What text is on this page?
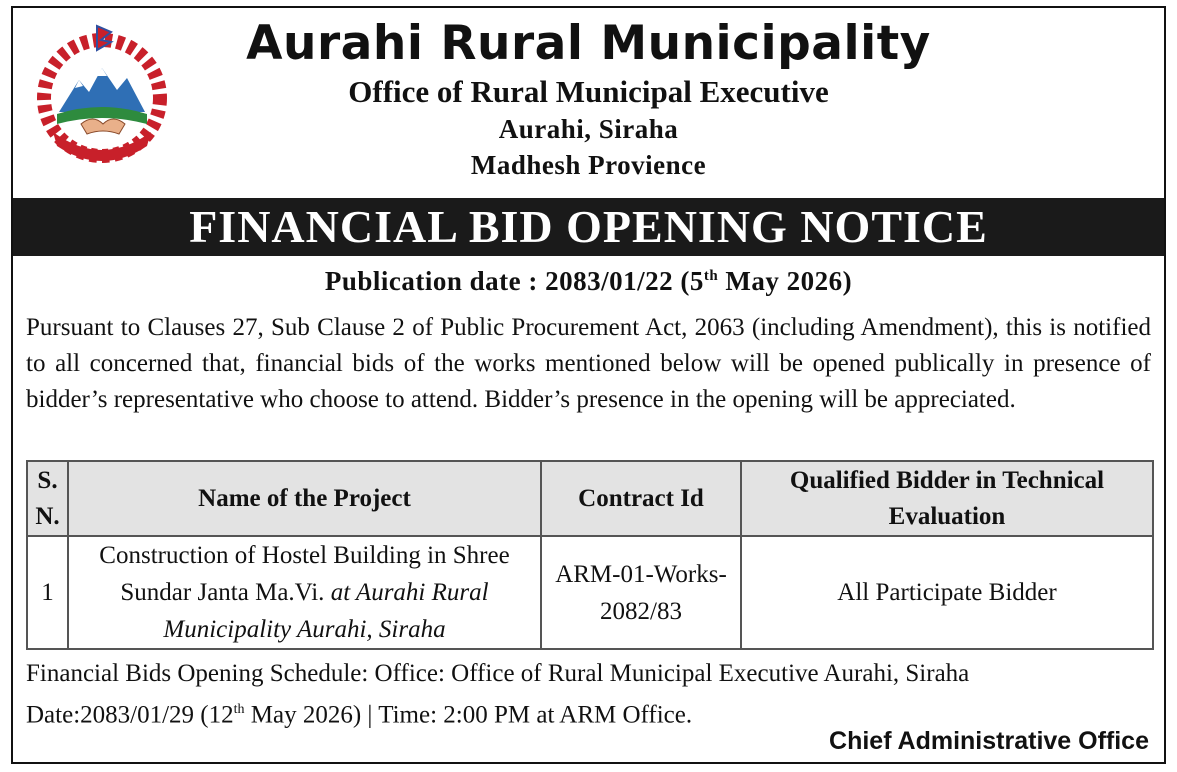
Aurahi Rural Municipality
Office of Rural Municipal Executive
Aurahi, Siraha
Madhesh Provience
FINANCIAL BID OPENING NOTICE
Publication date : 2083/01/22 (5th May 2026)
Pursuant to Clauses 27, Sub Clause 2 of Public Procurement Act, 2063 (including Amendment), this is notified to all concerned that, financial bids of the works mentioned below will be opened publically in presence of bidder’s representative who choose to attend. Bidder’s presence in the opening will be appreciated.
S. N.	Name of the Project	Contract Id	Qualified Bidder in Technical Evaluation
1	Construction of Hostel Building in Shree Sundar Janta Ma.Vi. at Aurahi Rural Municipality Aurahi, Siraha	ARM-01-Works-2082/83	All Participate Bidder
Financial Bids Opening Schedule: Office: Office of Rural Municipal Executive Aurahi, Siraha
Date:2083/01/29 (12th May 2026) | Time: 2:00 PM at ARM Office.
Chief Administrative Office
